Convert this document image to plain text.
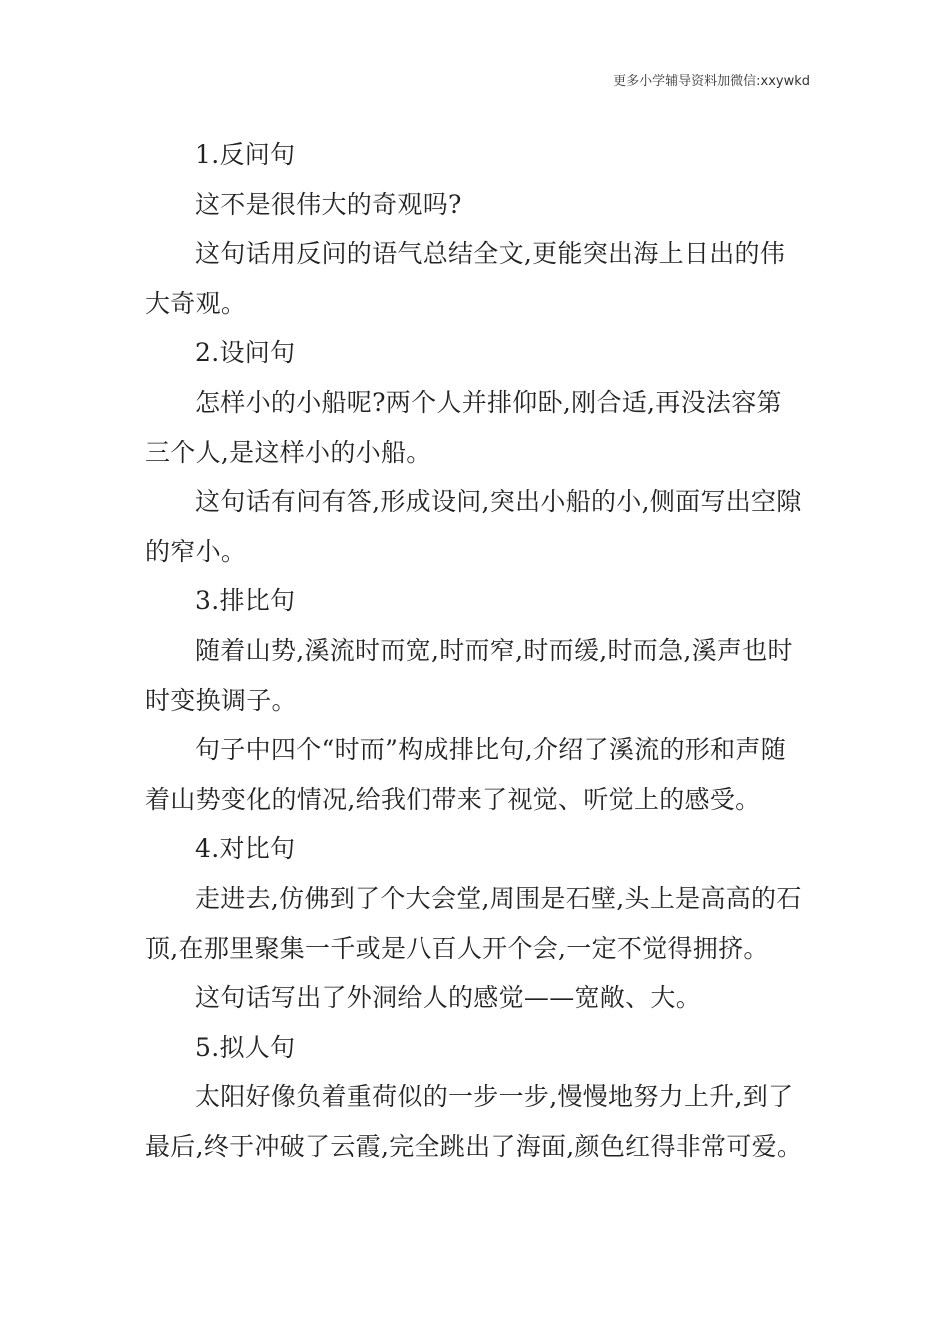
更多小学辅导资料加微信:xxywkd

1.反问句

这不是很伟大的奇观吗?

这句话用反问的语气总结全文,更能突出海上日出的伟大奇观。

2.设问句

怎样小的小船呢?两个人并排仰卧,刚合适,再没法容第三个人,是这样小的小船。

这句话有问有答,形成设问,突出小船的小,侧面写出空隙的窄小。

3.排比句

随着山势,溪流时而宽,时而窄,时而缓,时而急,溪声也时时变换调子。

句子中四个“时而”构成排比句,介绍了溪流的形和声随着山势变化的情况,给我们带来了视觉、听觉上的感受。

4.对比句

走进去,仿佛到了个大会堂,周围是石壁,头上是高高的石顶,在那里聚集一千或是八百人开个会,一定不觉得拥挤。

这句话写出了外洞给人的感觉——宽敞、大。

5.拟人句

太阳好像负着重荷似的一步一步,慢慢地努力上升,到了最后,终于冲破了云霞,完全跳出了海面,颜色红得非常可爱。
